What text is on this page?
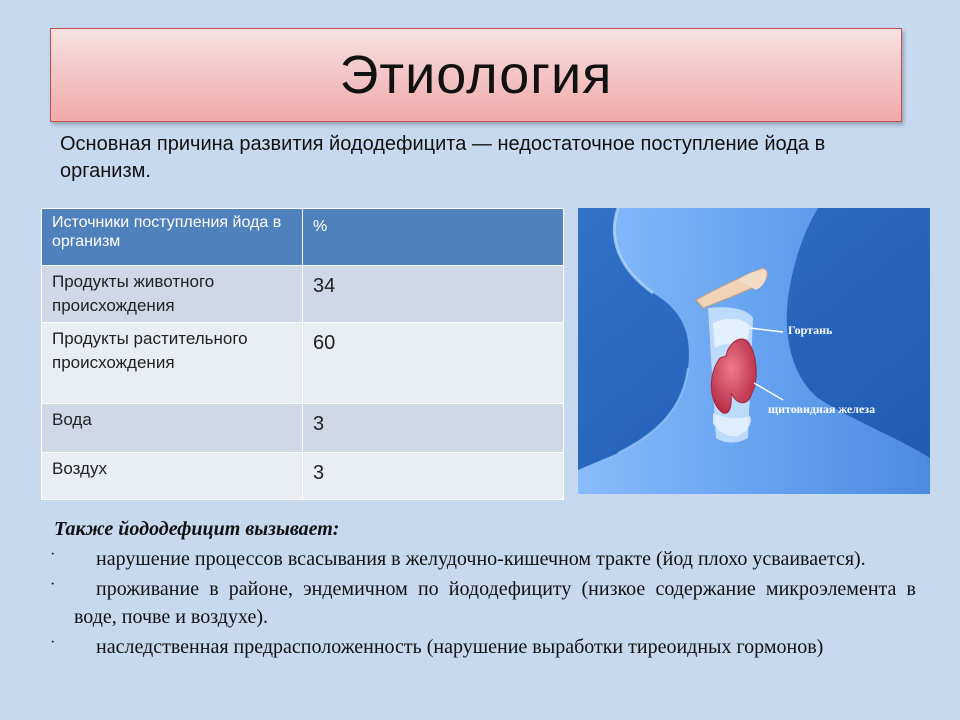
Этиология
Основная причина развития йододефицита — недостаточное поступление йода в организм.
Источники поступления йода в организм	%
Продукты животного происхождения	34
Продукты растительного происхождения	60
Вода	3
Воздух	3
Гортань
щитовидная железа

Также йододефицит вызывает:

·	нарушение процессов всасывания в желудочно-кишечном тракте (йод плохо усваивается).
·	проживание в районе, эндемичном по йододефициту (низкое содержание микроэлемента в воде, почве и воздухе).
·	наследственная предрасположенность (нарушение выработки тиреоидных гормонов)
